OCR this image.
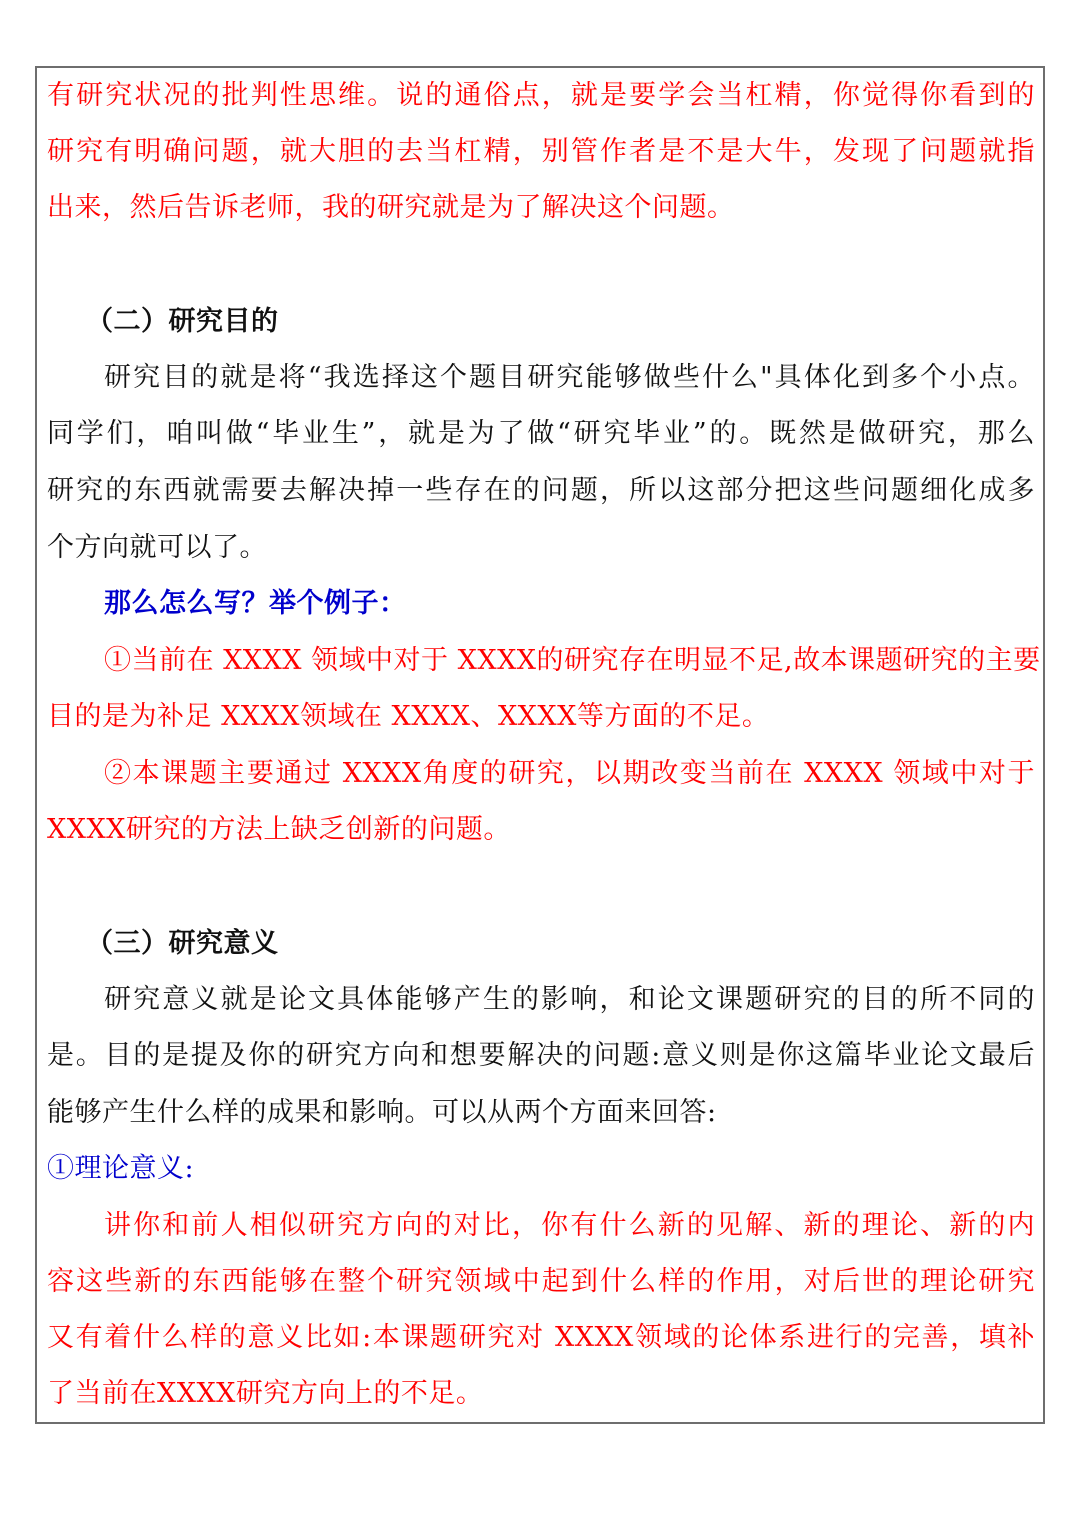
有研究状况的批判性思维。说的通俗点，就是要学会当杠精，你觉得你看到的
研究有明确问题，就大胆的去当杠精，别管作者是不是大牛，发现了问题就指
出来，然后告诉老师，我的研究就是为了解决这个问题。
（二）研究目的
研究目的就是将“我选择这个题目研究能够做些什么"具体化到多个小点。
同学们，咱叫做“毕业生”，就是为了做“研究毕业”的。既然是做研究，那么
研究的东西就需要去解决掉一些存在的问题，所以这部分把这些问题细化成多
个方向就可以了。
那么怎么写？举个例子：
①当前在 XXXX 领域中对于 XXXX的研究存在明显不足,故本课题研究的主要
目的是为补足 XXXX领域在 XXXX、XXXX等方面的不足。
②本课题主要通过 XXXX角度的研究，以期改变当前在 XXXX 领域中对于
XXXX研究的方法上缺乏创新的问题。
（三）研究意义
研究意义就是论文具体能够产生的影响，和论文课题研究的目的所不同的
是。目的是提及你的研究方向和想要解决的问题:意义则是你这篇毕业论文最后
能够产生什么样的成果和影响。可以从两个方面来回答:
①理论意义:
讲你和前人相似研究方向的对比，你有什么新的见解、新的理论、新的内
容这些新的东西能够在整个研究领域中起到什么样的作用，对后世的理论研究
又有着什么样的意义比如:本课题研究对 XXXX领域的论体系进行的完善，填补
了当前在XXXX研究方向上的不足。
